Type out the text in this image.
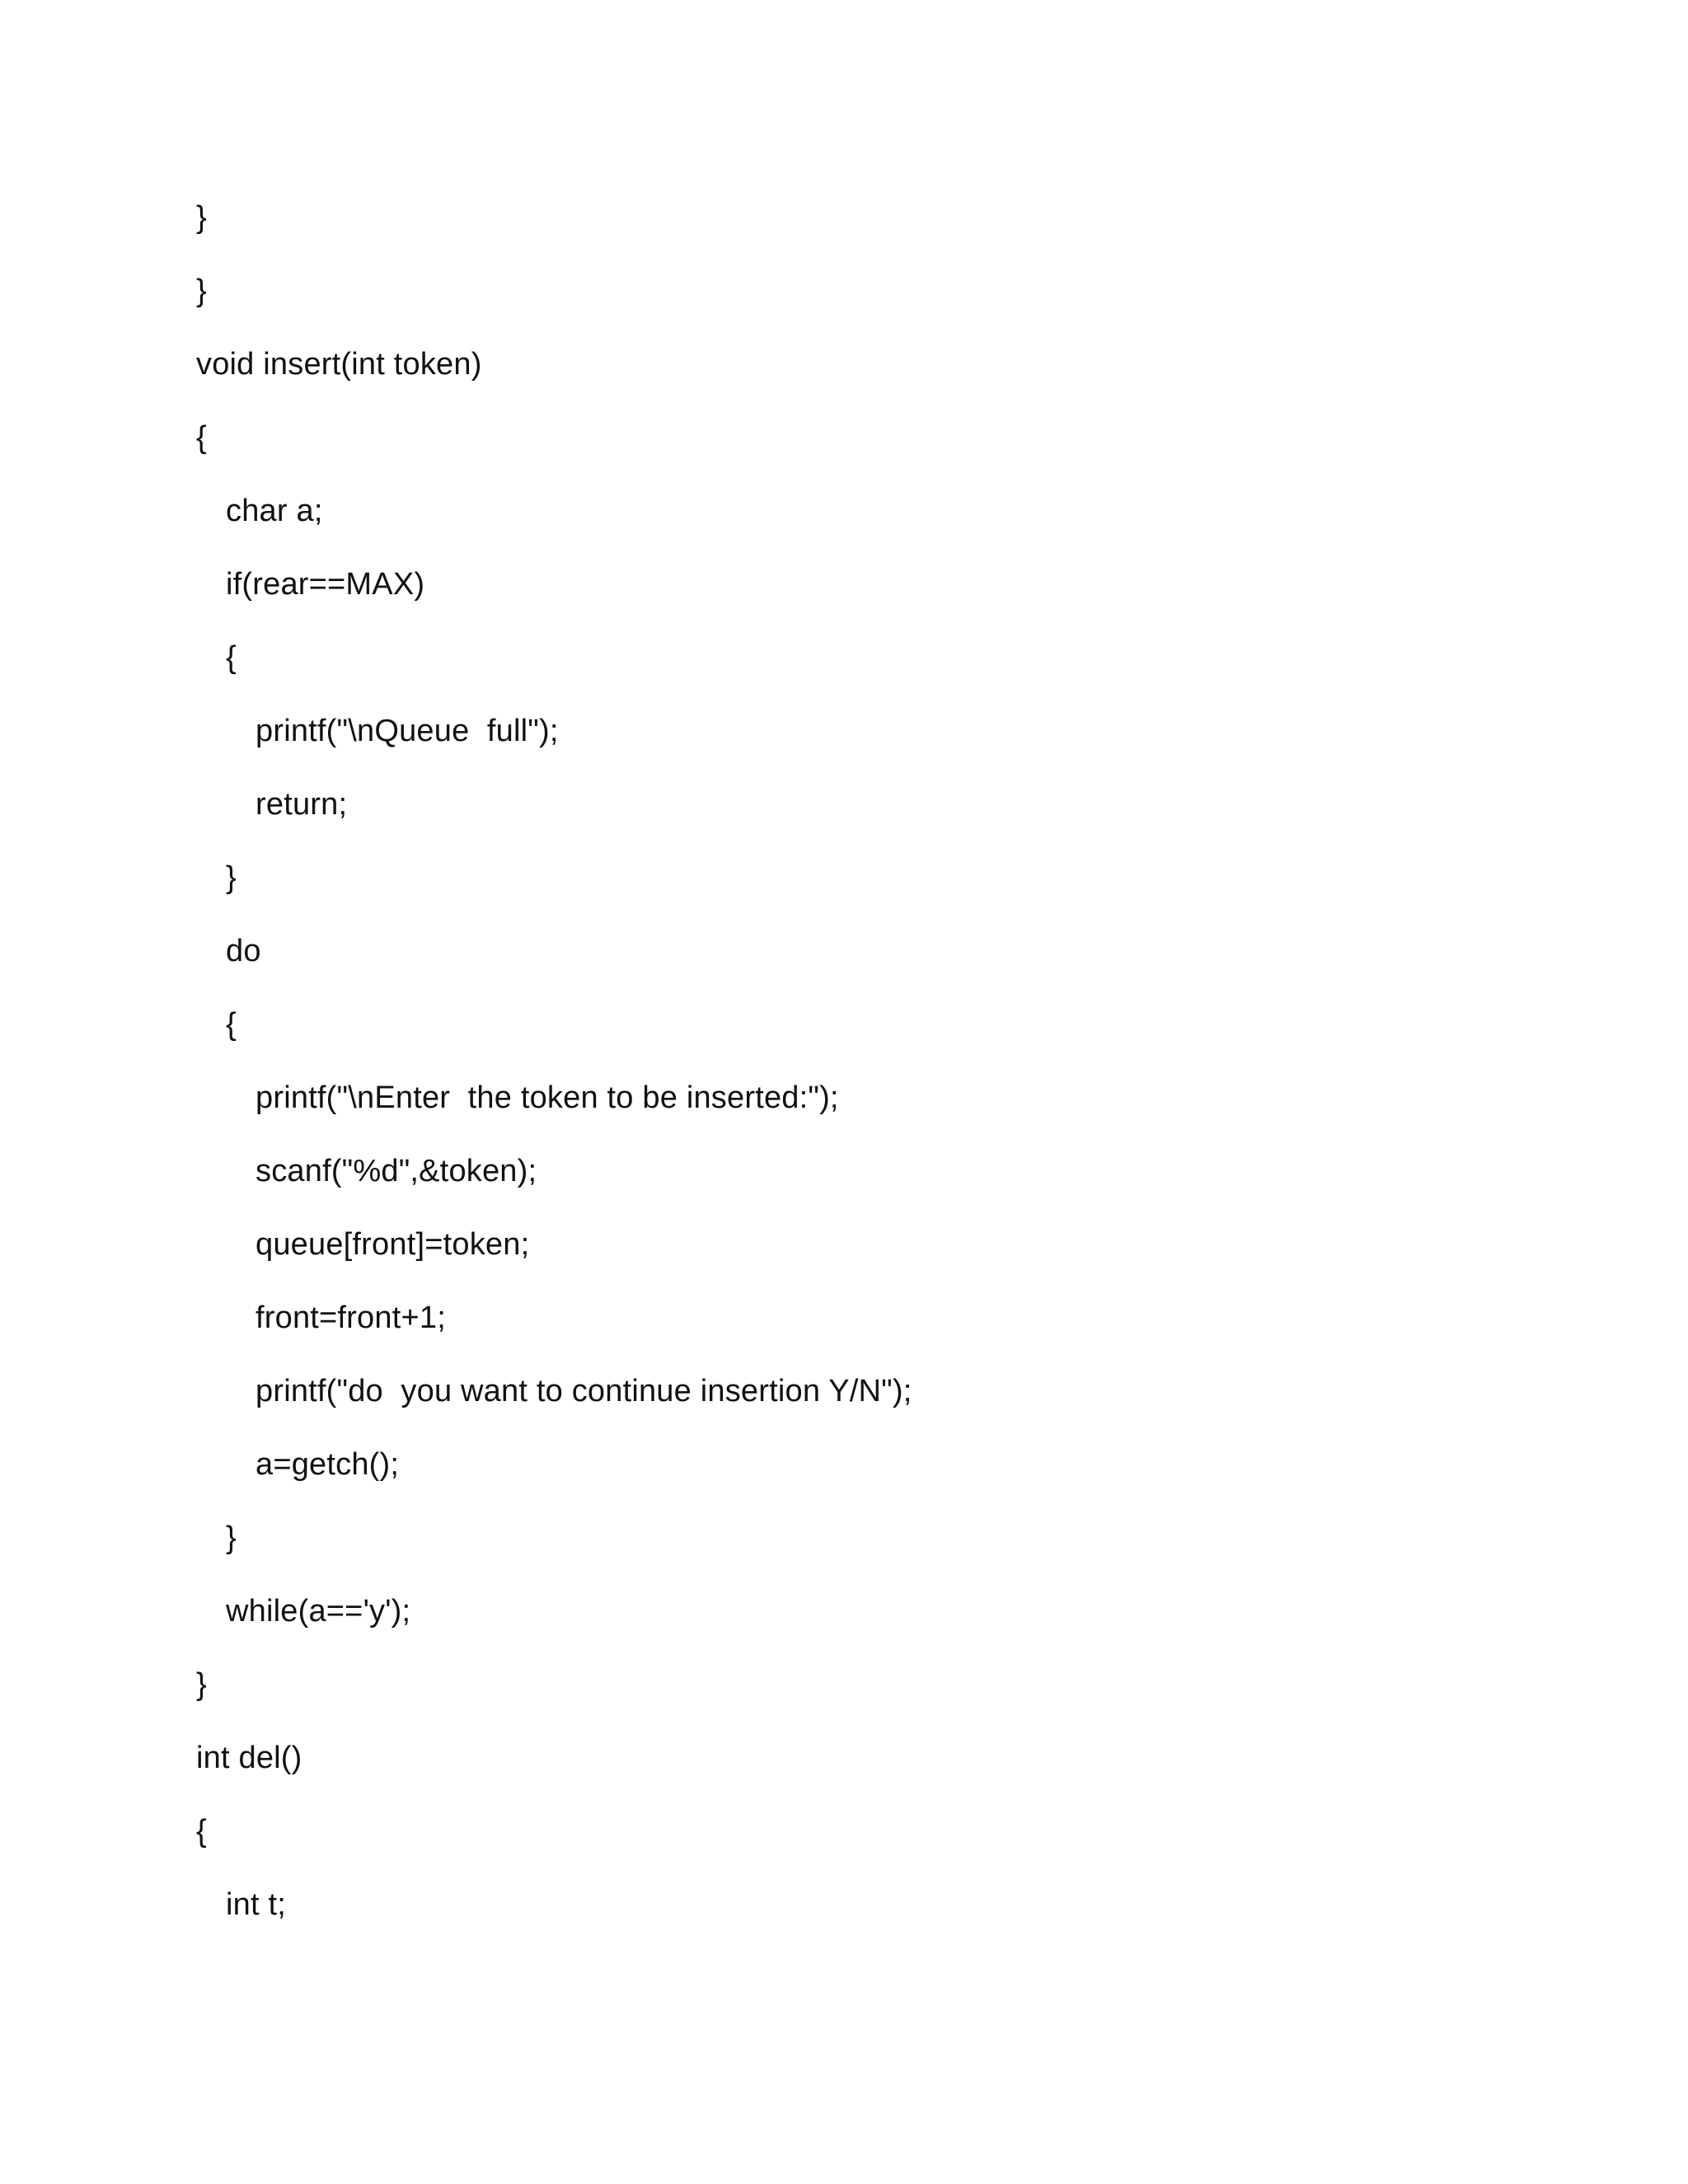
}
}
void insert(int token)
{
char a;
if(rear==MAX)
{
printf("\nQueue  full");
return;
}
do
{
printf("\nEnter  the token to be inserted:");
scanf("%d",&token);
queue[front]=token;
front=front+1;
printf("do  you want to continue insertion Y/N");
a=getch();
}
while(a=='y');
}
int del()
{
int t;
